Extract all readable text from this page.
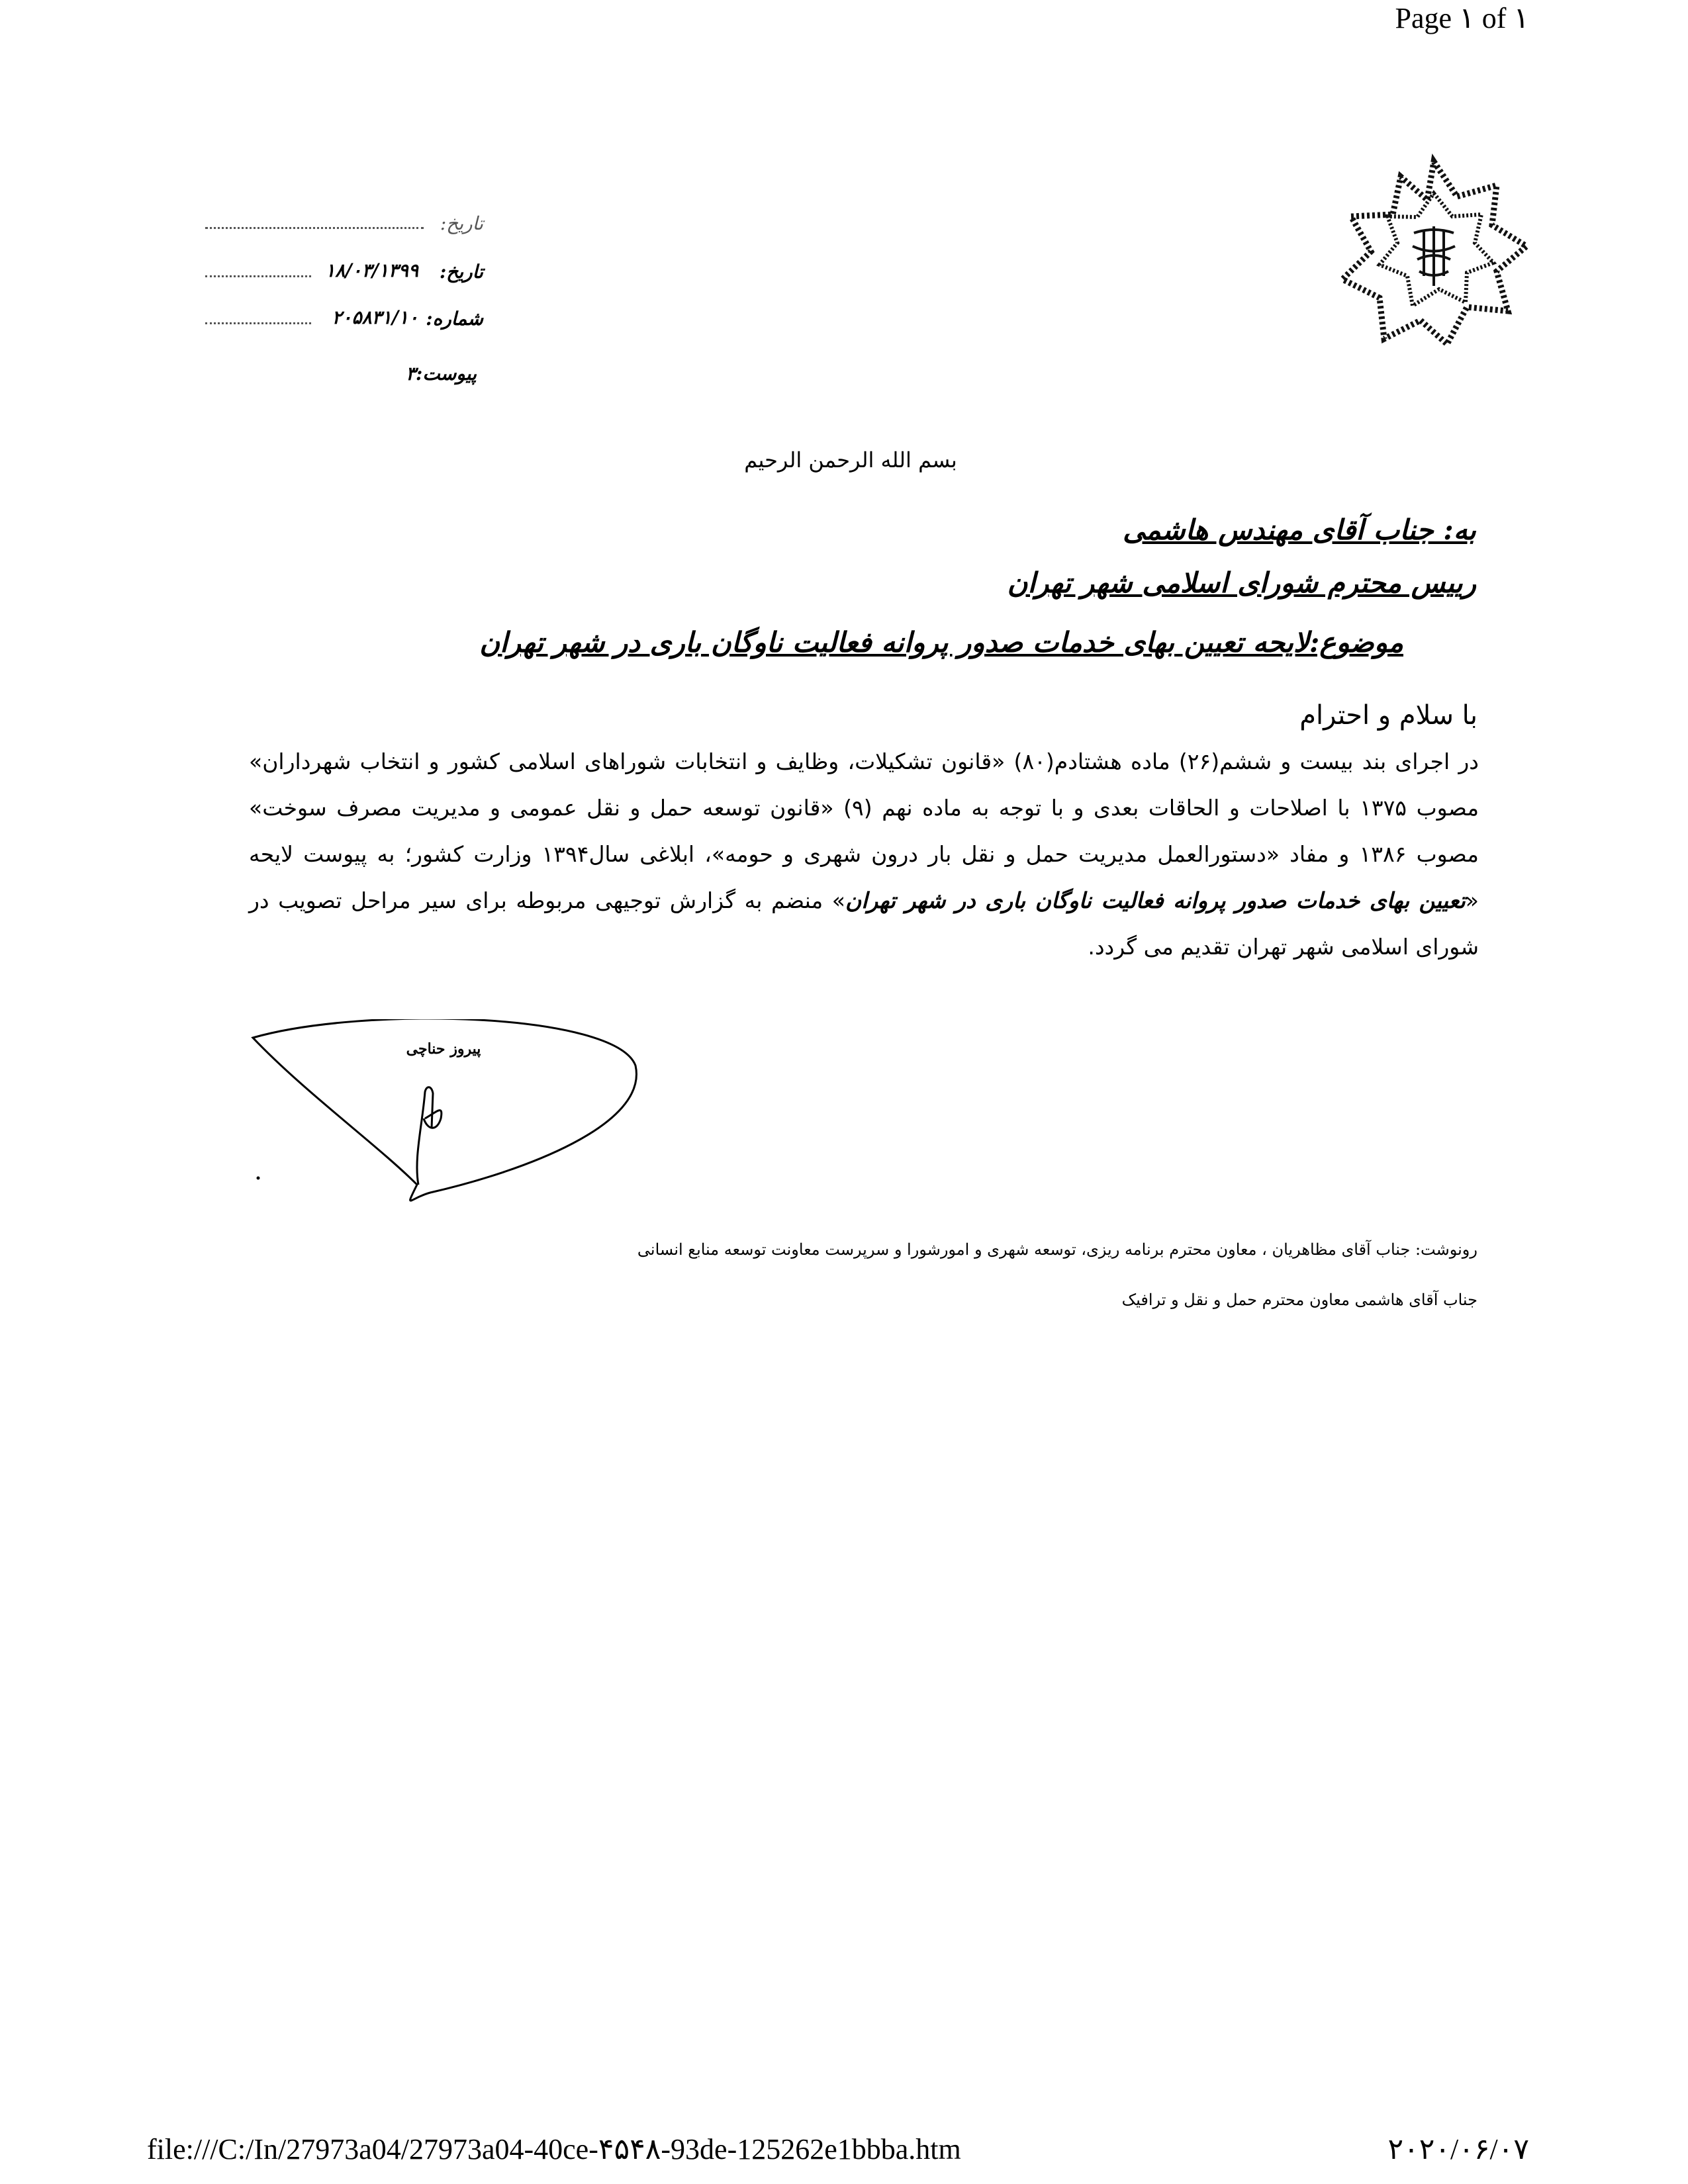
Page ۱ of ۱
تاریخ:
تاریخ:
۱۸/۰۳/۱۳۹۹
شماره:
۲۰۵۸۳۱/۱۰
پیوست:۳
بسم الله الرحمن الرحیم
به: جناب آقای مهندس هاشمی
ریيس محترم شورای اسلامی شهر تهران
موضوع:لایحه تعیین بهای خدمات صدور پروانه فعالیت ناوگان باری در شهر تهران
با سلام و احترام
در اجرای بند بیست و ششم(۲۶) ماده هشتادم(۸۰) «قانون تشکیلات، وظایف و انتخابات شوراهای اسلامی کشور و انتخاب شهرداران» مصوب ۱۳۷۵ با اصلاحات و الحاقات بعدی و با توجه به ماده نهم (۹) «قانون توسعه حمل و نقل عمومی و مدیریت مصرف سوخت» مصوب ۱۳۸۶ و مفاد «دستورالعمل مدیریت حمل و نقل بار درون شهری و حومه»، ابلاغی سال۱۳۹۴ وزارت کشور؛ به پیوست لایحه «تعیین بهای خدمات صدور پروانه فعالیت ناوگان باری در شهر تهران» منضم به گزارش توجیهی مربوطه برای سیر مراحل تصویب در شورای اسلامی شهر تهران تقدیم می گردد.
پیروز حناچی
رونوشت: جناب آقای مظاهریان ، معاون محترم برنامه ریزی، توسعه شهری و امورشورا و سرپرست معاونت توسعه منابع انسانی
جناب آقای هاشمی معاون محترم حمل و نقل و ترافیک
file:///C:/In/27973a04/27973a04-40ce-۴۵۴۸-93de-125262e1bbba.htm	۲۰۲۰/۰۶/۰۷
